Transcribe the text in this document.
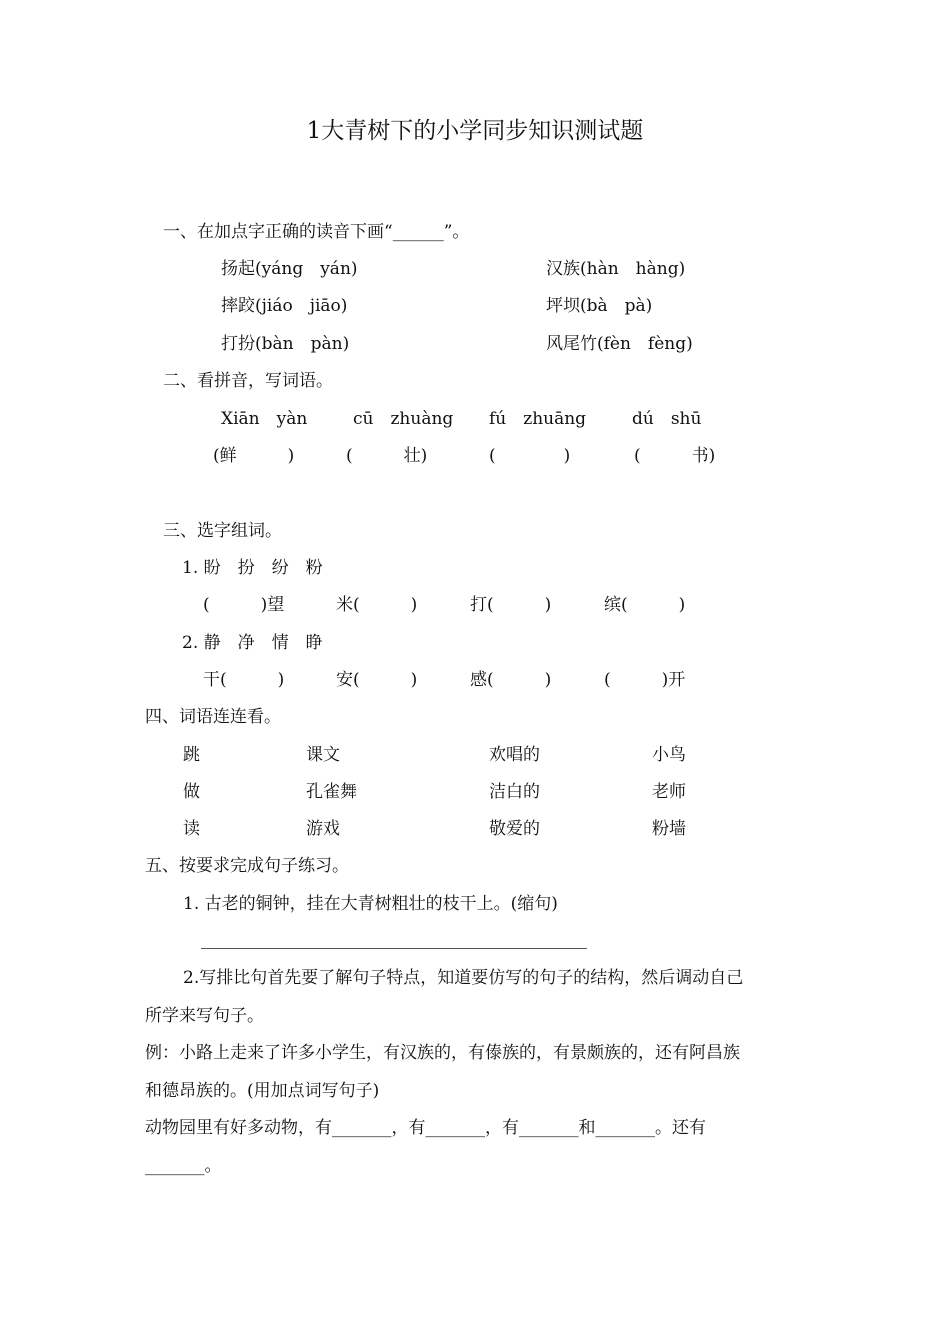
1大青树下的小学同步知识测试题
一、在加点字正确的读音下画“______”。
扬起(yáng　yán)	汉族(hàn　hàng)
摔跤(jiáo　jiāo)	坪坝(bà　pà)
打扮(bàn　pàn)	风尾竹(fèn　fèng)
二、看拼音，写词语。
Xiān　yàn	cū　zhuàng fú　zhuāng	dú　shū
(鲜　　　)	(　　　壮)	(　　　　)	(　　　书)
三、选字组词。
1. 盼　扮　纷　粉
(　　　)望	米(　　　)	打(　　　)	缤(　　　)
2. 静　净　情　睁
干(　　　)	安(　　　)	感(　　　)	(　　　)开
四、词语连连看。
跳	课文	欢唱的	小鸟
做	孔雀舞	洁白的	老师
读	游戏	敬爱的	粉墙
五、按要求完成句子练习。
1. 古老的铜钟，挂在大青树粗壮的枝干上。(缩句)
2.写排比句首先要了解句子特点，知道要仿写的句子的结构，然后调动自己
所学来写句子。
例：小路上走来了许多小学生，有汉族的，有傣族的，有景颇族的，还有阿昌族
和德昂族的。(用加点词写句子)
动物园里有好多动物，有_______，有_______，有_______和_______。还有
_______。
